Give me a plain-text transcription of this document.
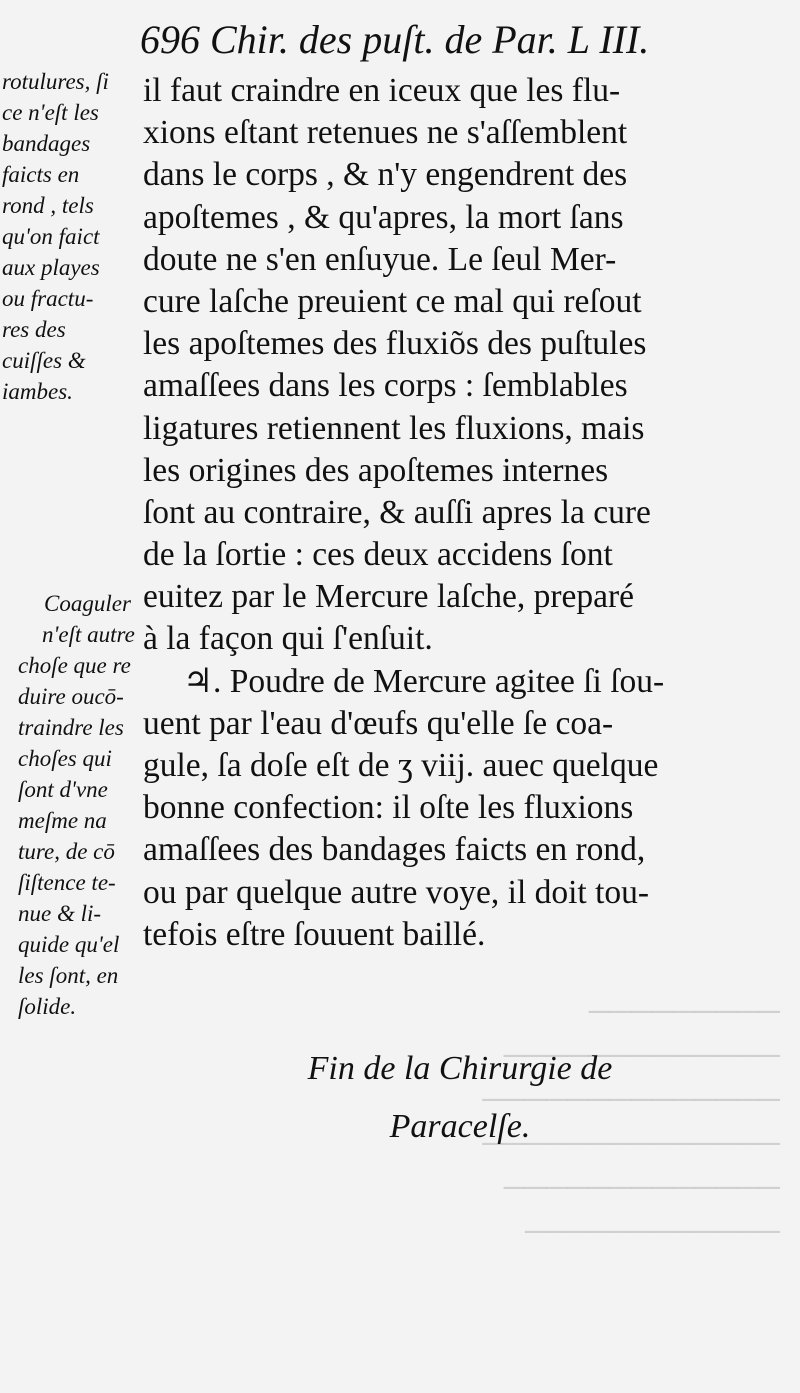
─────────
─────────────
──────────────
──────────────
─────────────
────────────
696 Chir. des puſt. de Par. L III.
rotulures, ſi
ce n'eſt les
bandages
faicts en
rond , tels
qu'on faict
aux playes
ou fractu-
res des
cuiſſes &
iambes.
Coaguler
n'eſt autre
choſe que re
duire oucō-
traindre les
choſes qui
ſont d'vne
meſme na
ture, de cō
ſiſtence te-
nue & li-
quide qu'el
les ſont, en
ſolide.
il faut craindre en iceux que les flu-
xions eſtant retenues ne s'aſſemblent
dans le corps , & n'y engendrent des
apoſtemes , & qu'apres, la mort ſans
doute ne s'en enſuyue. Le ſeul Mer-
cure laſche preuient ce mal qui reſout
les apoſtemes des fluxiõs des puſtules
amaſſees dans les corps : ſemblables
ligatures retiennent les fluxions, mais
les origines des apoſtemes internes
ſont au contraire, & auſſi apres la cure
de la ſortie : ces deux accidens ſont
euitez par le Mercure laſche, preparé
à la façon qui ſ'enſuit.
♃. Poudre de Mercure agitee ſi ſou-
uent par l'eau d'œufs qu'elle ſe coa-
gule, ſa doſe eſt de ʒ viij. auec quelque
bonne confection: il oſte les fluxions
amaſſees des bandages faicts en rond,
ou par quelque autre voye, il doit tou-
tefois eſtre ſouuent baillé.
Fin de la Chirurgie de
Paracelſe.
